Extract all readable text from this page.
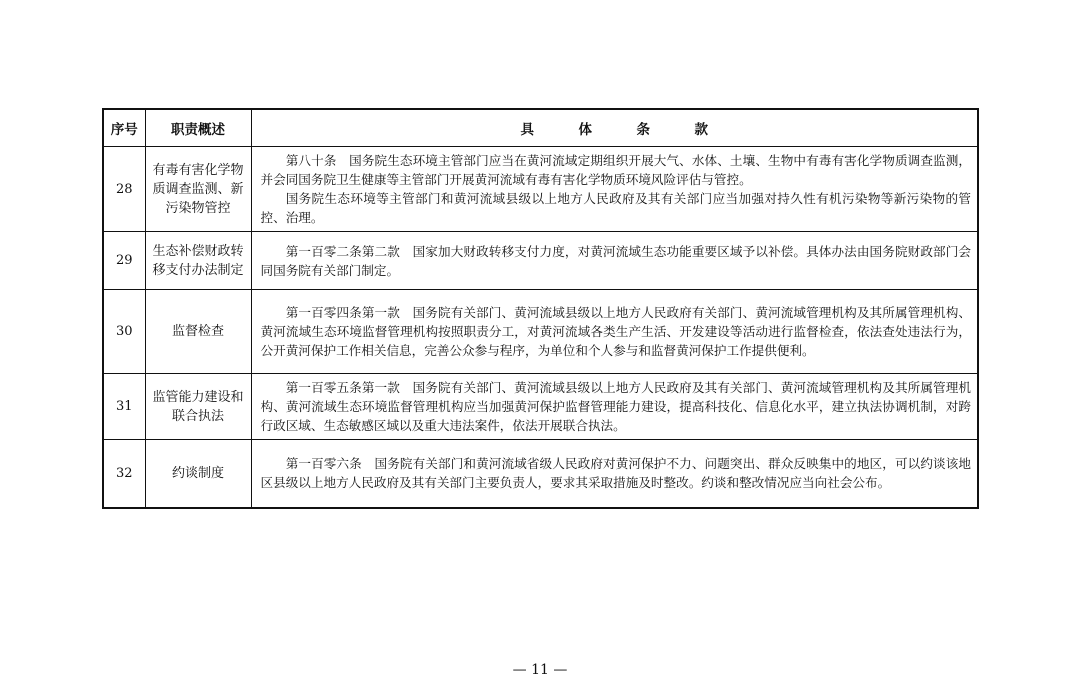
序号	职责概述	具 体 条 款

28	有毒有害化学物质调查监测、新污染物管控	第八十条　国务院生态环境主管部门应当在黄河流域定期组织开展大气、水体、土壤、生物中有毒有害化学物质调查监测，并会同国务院卫生健康等主管部门开展黄河流域有毒有害化学物质环境风险评估与管控。

国务院生态环境等主管部门和黄河流域县级以上地方人民政府及其有关部门应当加强对持久性有机污染物等新污染物的管控、治理。

29	生态补偿财政转移支付办法制定	第一百零二条第二款　国家加大财政转移支付力度，对黄河流域生态功能重要区域予以补偿。具体办法由国务院财政部门会同国务院有关部门制定。

30	监督检查	第一百零四条第一款　国务院有关部门、黄河流域县级以上地方人民政府有关部门、黄河流域管理机构及其所属管理机构、黄河流域生态环境监督管理机构按照职责分工，对黄河流域各类生产生活、开发建设等活动进行监督检查，依法查处违法行为，公开黄河保护工作相关信息，完善公众参与程序，为单位和个人参与和监督黄河保护工作提供便利。

31	监管能力建设和联合执法	第一百零五条第一款　国务院有关部门、黄河流域县级以上地方人民政府及其有关部门、黄河流域管理机构及其所属管理机构、黄河流域生态环境监督管理机构应当加强黄河保护监督管理能力建设，提高科技化、信息化水平，建立执法协调机制，对跨行政区域、生态敏感区域以及重大违法案件，依法开展联合执法。

32	约谈制度	第一百零六条　国务院有关部门和黄河流域省级人民政府对黄河保护不力、问题突出、群众反映集中的地区，可以约谈该地区县级以上地方人民政府及其有关部门主要负责人，要求其采取措施及时整改。约谈和整改情况应当向社会公布。

— 11 —
